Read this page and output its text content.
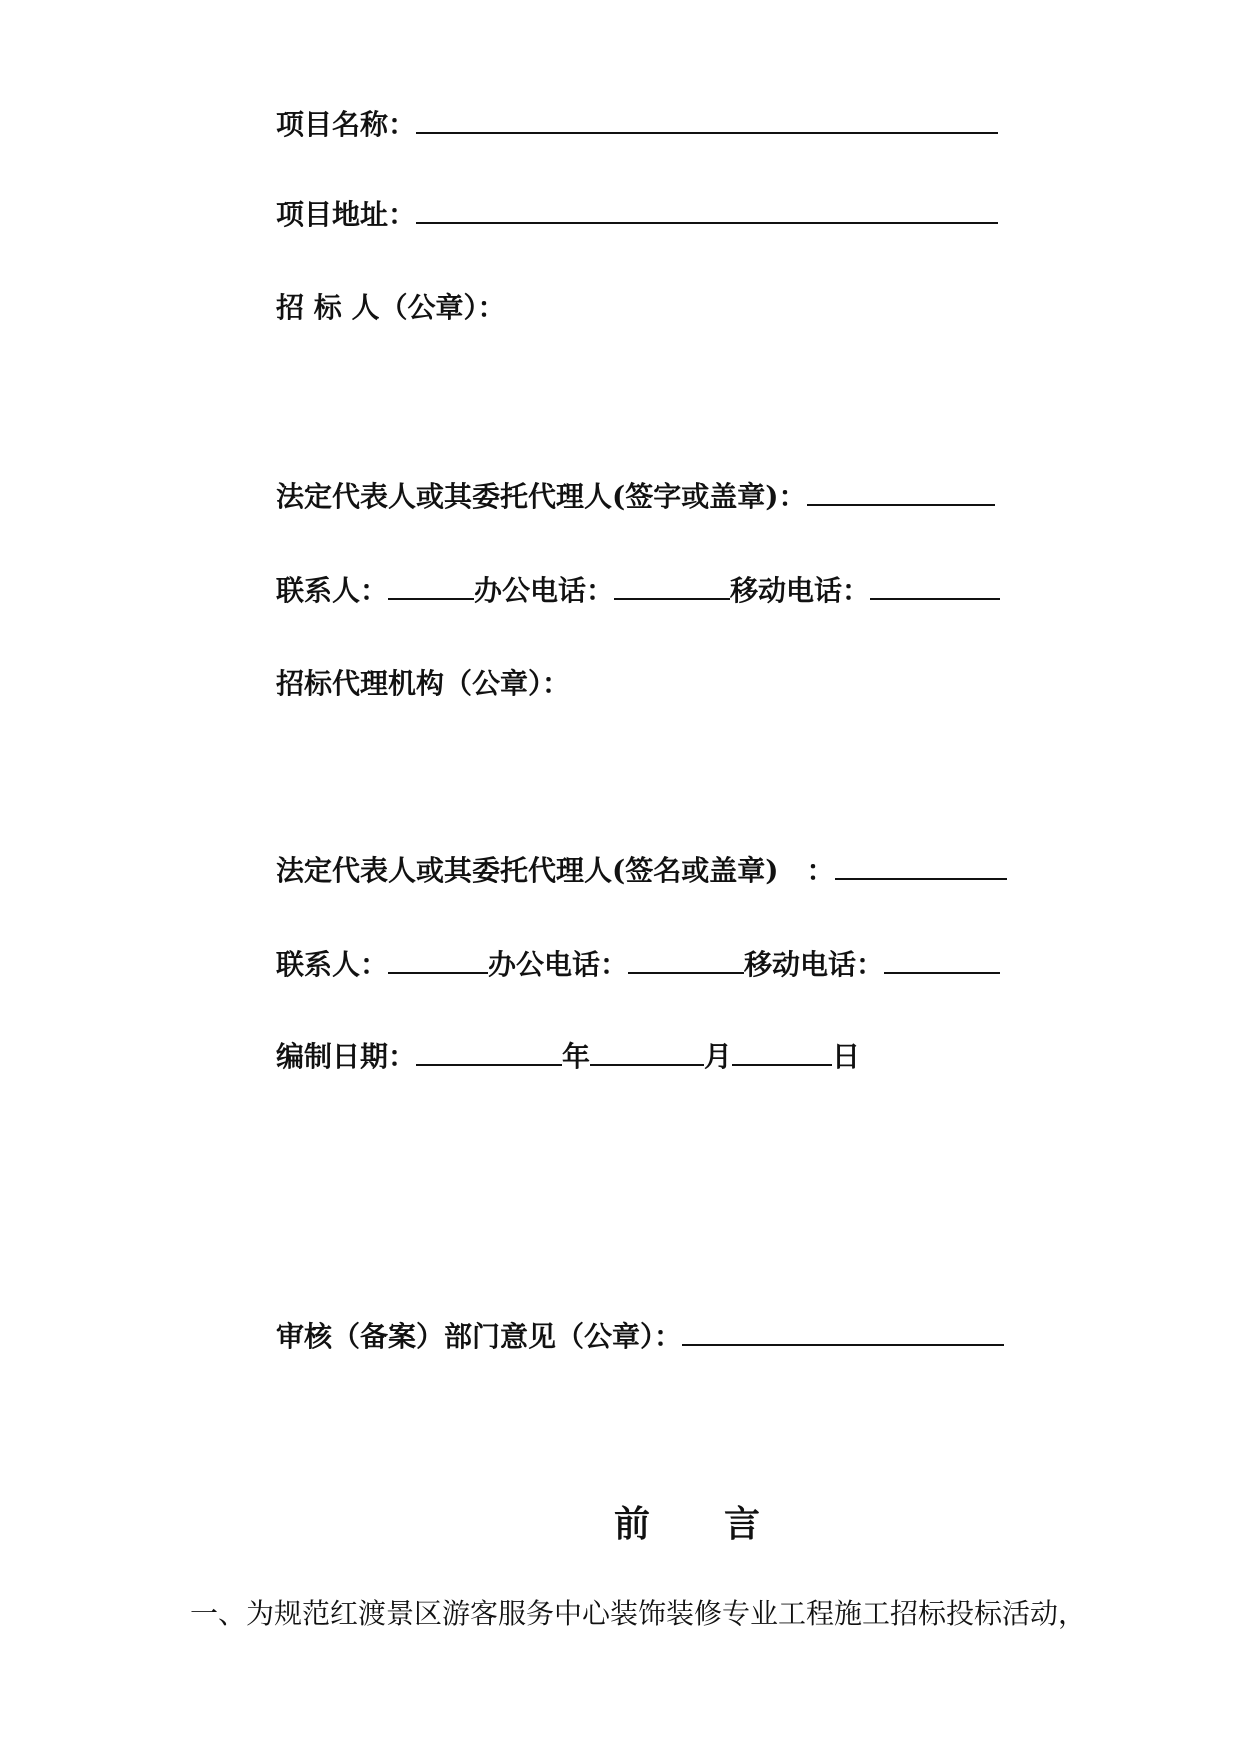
项目名称：
项目地址：
招 标 人（公章）：
法定代表人或其委托代理人(签字或盖章)：
联系人：	办公电话：	移动电话：
招标代理机构（公章）：
法定代表人或其委托代理人(签名或盖章)　：
联系人：	办公电话：	移动电话：
编制日期：	年	月	日
审核（备案）部门意见（公章）：
前 言
一、为规范红渡景区游客服务中心装饰装修专业工程施工招标投标活动，
